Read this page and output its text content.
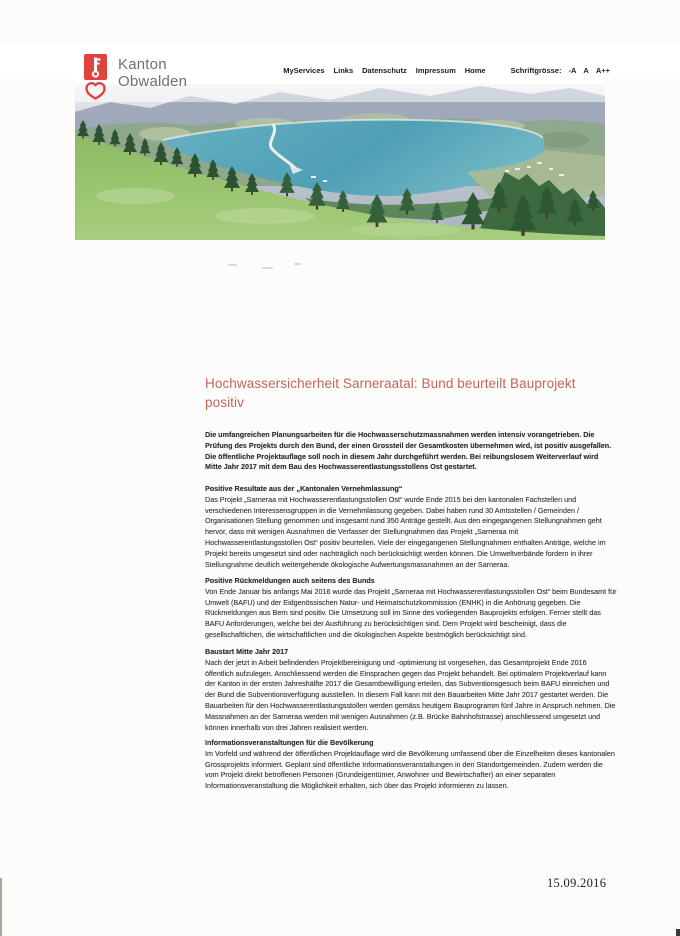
Kanton
Obwalden
MyServices Links Datenschutz Impressum Home	Schriftgrösse: -A A A++
Hochwassersicherheit Sarneraatal: Bund beurteilt Bauprojekt positiv
Die umfangreichen Planungsarbeiten für die Hochwasserschutzmassnahmen werden intensiv vorangetrieben. Die Prüfung des Projekts durch den Bund, der einen Grossteil der Gesamtkosten übernehmen wird, ist positiv ausgefallen. Die öffentliche Projektauflage soll noch in diesem Jahr durchgeführt werden. Bei reibungslosem Weiterverlauf wird Mitte Jahr 2017 mit dem Bau des Hochwasserentlastungsstollens Ost gestartet.
Positive Resultate aus der „Kantonalen Vernehmlassung“
Das Projekt „Sarneraa mit Hochwasserentlastungsstollen Ost“ wurde Ende 2015 bei den kantonalen Fachstellen und verschiedenen Interessensgruppen in die Vernehmlassung gegeben. Dabei haben rund 30 Amtsstellen / Gemeinden / Organisationen Stellung genommen und insgesamt rund 350 Anträge gestellt. Aus den eingegangenen Stellungnahmen geht hervor, dass mit wenigen Ausnahmen die Verfasser der Stellungnahmen das Projekt „Sarneraa mit Hochwasserentlastungsstollen Ost“ positiv beurteilen. Viele der eingegangenen Stellungnahmen enthalten Anträge, welche im Projekt bereits umgesetzt sind oder nachträglich noch berücksichtigt werden können. Die Umweltverbände fordern in ihrer Stellungnahme deutlich weitergehende ökologische Aufwertungsmassnahmen an der Sarneraa.
Positive Rückmeldungen auch seitens des Bunds
Von Ende Januar bis anfangs Mai 2016 wurde das Projekt „Sarneraa mit Hochwasserentlastungsstollen Ost“ beim Bundesamt für Umwelt (BAFU) und der Eidgenössischen Natur- und Heimatschutzkommission (ENHK) in die Anhörung gegeben. Die Rückmeldungen aus Bern sind positiv. Die Umsetzung soll im Sinne des vorliegenden Bauprojekts erfolgen. Ferner stellt das BAFU Anforderungen, welche bei der Ausführung zu berücksichtigen sind. Dem Projekt wird bescheinigt, dass die gesellschaftlichen, die wirtschaftlichen und die ökologischen Aspekte bestmöglich berücksichtigt sind.
Baustart Mitte Jahr 2017
Nach der jetzt in Arbeit befindenden Projektbereinigung und -optimierung ist vorgesehen, das Gesamtprojekt Ende 2016 öffentlich aufzulegen. Anschliessend werden die Einsprachen gegen das Projekt behandelt. Bei optimalem Projektverlauf kann der Kanton in der ersten Jahreshälfte 2017 die Gesamtbewilligung erteilen, das Subventionsgesuch beim BAFU einreichen und der Bund die Subventionsverfügung ausstellen. In diesem Fall kann mit den Bauarbeiten Mitte Jahr 2017 gestartet werden. Die Bauarbeiten für den Hochwasserentlastungsstollen werden gemäss heutigem Bauprogramm fünf Jahre in Anspruch nehmen. Die Massnahmen an der Sarneraa werden mit wenigen Ausnahmen (z.B. Brücke Bahnhofstrasse) anschliessend umgesetzt und können innerhalb von drei Jahren realisiert werden.
Informationsveranstaltungen für die Bevölkerung
Im Vorfeld und während der öffentlichen Projektauflage wird die Bevölkerung umfassend über die Einzelheiten dieses kantonalen Grossprojekts informiert. Geplant sind öffentliche Informationsveranstaltungen in den Standortgemeinden. Zudem werden die vom Projekt direkt betroffenen Personen (Grundeigentümer, Anwohner und Bewirtschafter) an einer separaten Informationsveranstaltung die Möglichkeit erhalten, sich über das Projekt informieren zu lassen.
15.09.2016
